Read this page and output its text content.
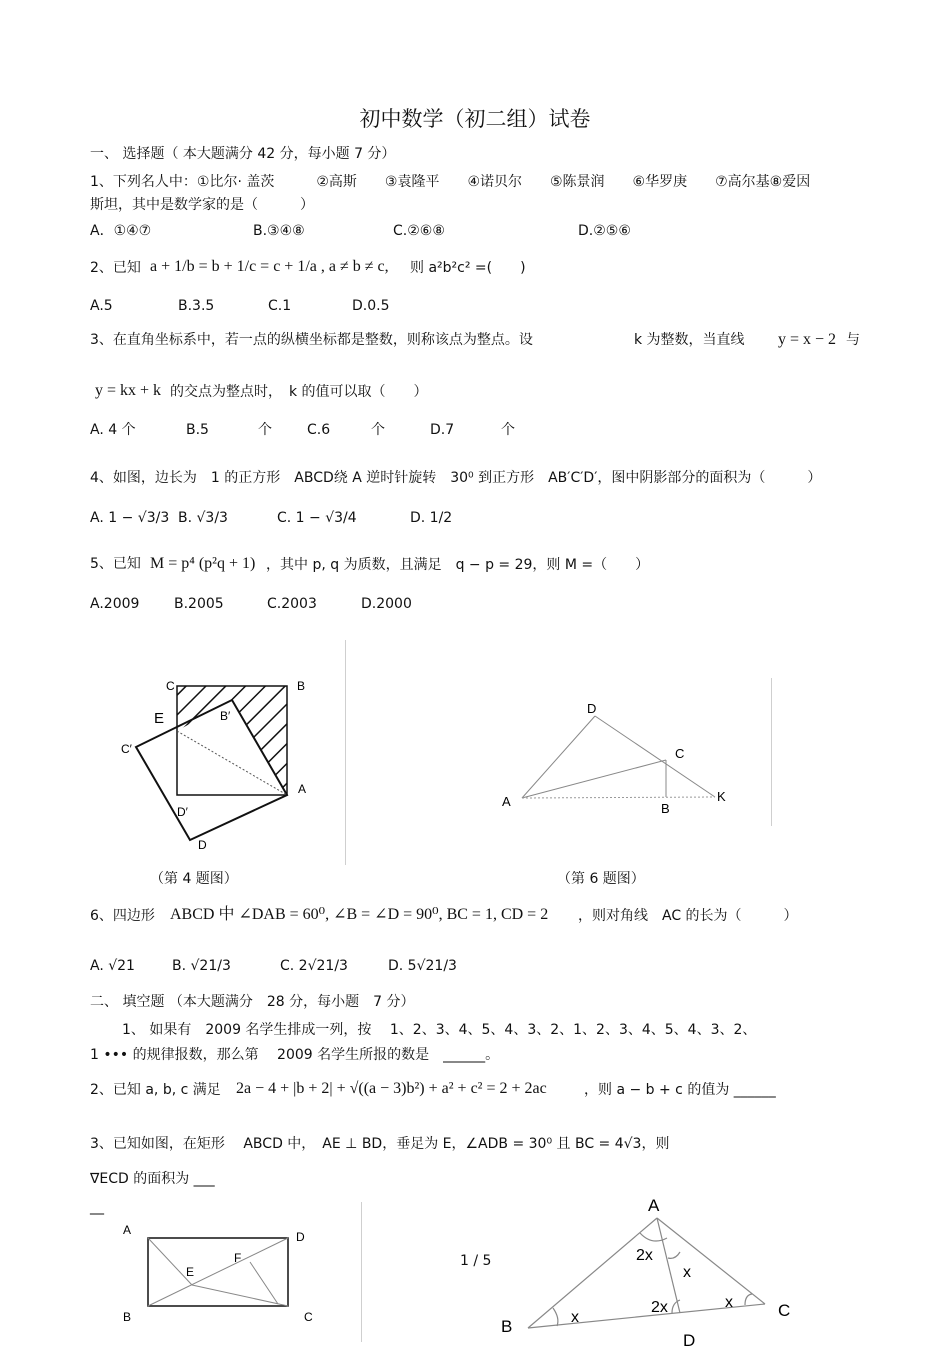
初中数学（初二组）试卷
一、 选择题（ 本大题满分 42 分，每小题 7 分）
1、下列名人中：①比尔· 盖茨　　　②高斯　　③袁隆平　　④诺贝尔　　⑤陈景润　　⑥华罗庚　　⑦高尔基⑧爱因
斯坦，其中是数学家的是（　　　）
A．①④⑦	B.③④⑧	C.②⑥⑧	D.②⑤⑥
2、已知 a + 1/b = b + 1/c = c + 1/a , a ≠ b ≠ c, 则 a²b²c² =(　　)
A.5	B.3.5	C.1	D.0.5
3、在直角坐标系中，若一点的纵横坐标都是整数，则称该点为整点。设	k 为整数，当直线 y = x − 2 与
y = kx + k 的交点为整点时，　k 的值可以取（　　）
A. 4 个	B.5	个	C.6	个	D.7	个
4、如图，边长为　1 的正方形　ABCD绕 A 逆时针旋转　30⁰ 到正方形　AB′C′D′，图中阴影部分的面积为（　　　）
A. 1 − √3/3 B. √3/3	C. 1 − √3/4	D. 1/2
5、已知 M = p⁴ (p²q + 1) ，其中 p, q 为质数，且满足　q − p = 29，则 M =（　　）
A.2009 B.2005	C.2003	D.2000
C	B
E	B′
C′
A
D′
D
D
C
A	B
K
（第 4 题图）	（第 6 题图）
6、四边形 ABCD 中 ∠DAB = 60⁰, ∠B = ∠D = 90⁰, BC = 1, CD = 2 ，则对角线　AC 的长为（　　　）
A. √21	B. √21/3	C. 2√21/3	D. 5√21/3
二、 填空题 （本大题满分　28 分，每小题　7 分）
1、 如果有　2009 名学生排成一列，按　 1、2、3、4、5、4、3、2、1、2、3、4、5、4、3、2、
1 ••• 的规律报数，那么第　 2009 名学生所报的数是　______。
2、已知 a, b, c 满足 2a − 4 + |b + 2| + √((a − 3)b²) + a² + c² = 2 + 2ac	，则 a − b + c 的值为 ______
3、已知如图，在矩形　 ABCD 中，　AE ⊥ BD，垂足为 E，∠ADB = 30⁰ 且 BC = 4√3，则
∇ECD 的面积为 ___
__
A	D
F
E
B	C
1 / 5
A
2x
x
2x	x
x
B
C
D
